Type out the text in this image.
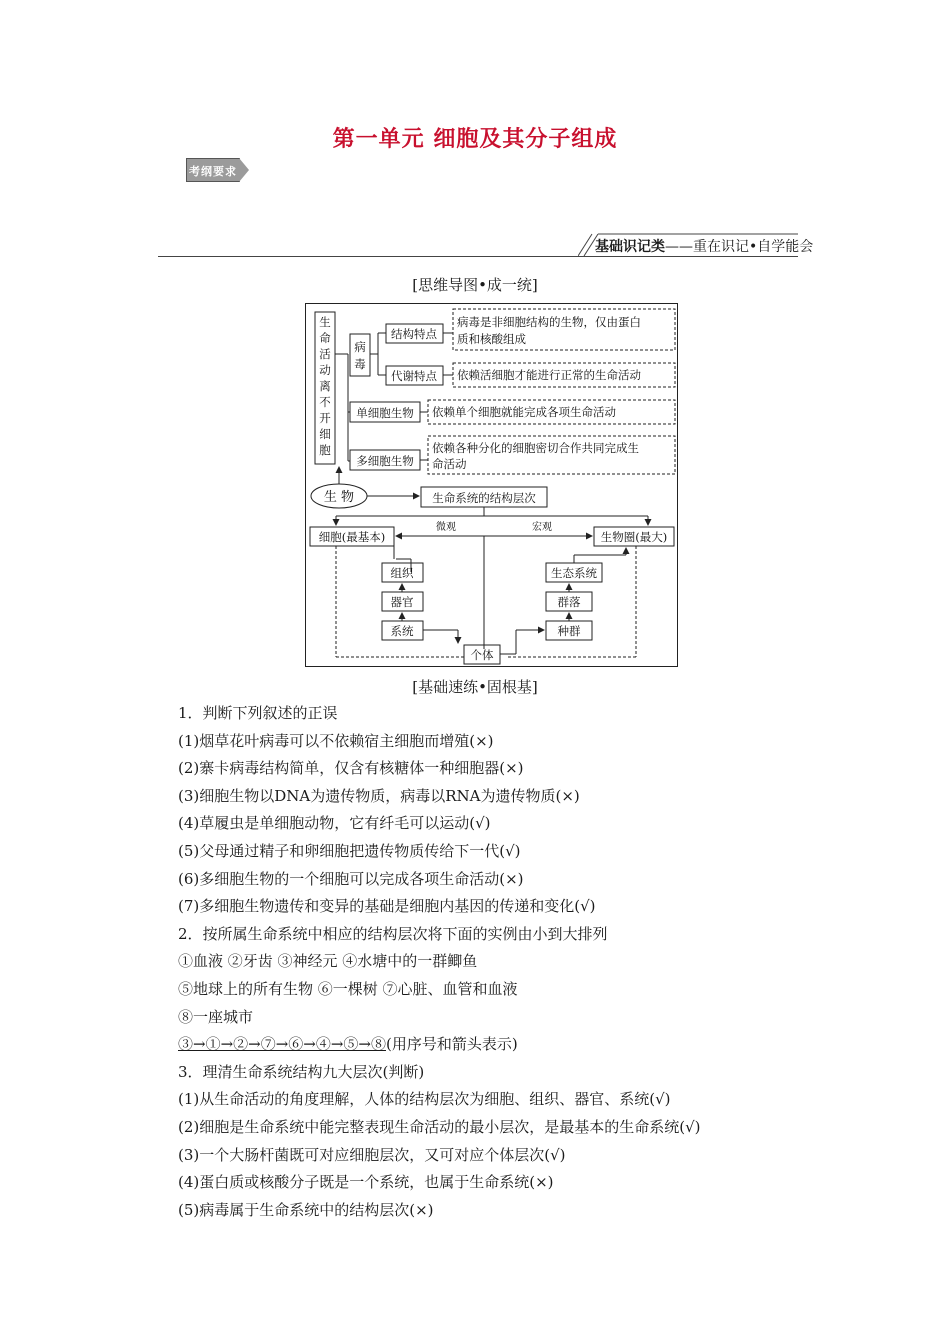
第一单元 细胞及其分子组成
考纲要求
基础识记类——重在识记•自学能会
[思维导图•成一统]
生
命
活
动
离
不
开
细
胞
病
毒
结构特点
病毒是非细胞结构的生物，仅由蛋白
质和核酸组成
代谢特点 依赖活细胞才能进行正常的生命活动
单细胞生物 依赖单个细胞就能完成各项生命活动
多细胞生物
依赖各种分化的细胞密切合作共同完成生
命活动
生 物	生命系统的结构层次
微观	宏观
细胞(最基本)	生物圈(最大)
组织
器官
系统
个体
生态系统
群落
种群
[基础速练•固根基]
1．判断下列叙述的正误
(1)烟草花叶病毒可以不依赖宿主细胞而增殖(×)
(2)寨卡病毒结构简单，仅含有核糖体一种细胞器(×)
(3)细胞生物以DNA为遗传物质，病毒以RNA为遗传物质(×)
(4)草履虫是单细胞动物，它有纤毛可以运动(√)
(5)父母通过精子和卵细胞把遗传物质传给下一代(√)
(6)多细胞生物的一个细胞可以完成各项生命活动(×)
(7)多细胞生物遗传和变异的基础是细胞内基因的传递和变化(√)
2．按所属生命系统中相应的结构层次将下面的实例由小到大排列
①血液 ②牙齿 ③神经元 ④水塘中的一群鲫鱼
⑤地球上的所有生物 ⑥一棵树 ⑦心脏、血管和血液
⑧一座城市
③→①→②→⑦→⑥→④→⑤→⑧(用序号和箭头表示)
3．理清生命系统结构九大层次(判断)
(1)从生命活动的角度理解，人体的结构层次为细胞、组织、器官、系统(√)
(2)细胞是生命系统中能完整表现生命活动的最小层次，是最基本的生命系统(√)
(3)一个大肠杆菌既可对应细胞层次，又可对应个体层次(√)
(4)蛋白质或核酸分子既是一个系统，也属于生命系统(×)
(5)病毒属于生命系统中的结构层次(×)
